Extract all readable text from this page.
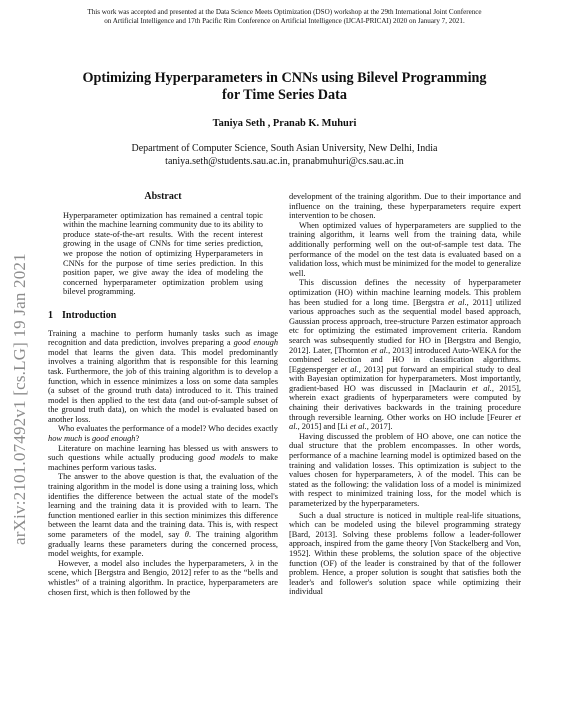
This work was accepted and presented at the Data Science Meets Optimization (DSO) workshop at the 29th International Joint Conference
on Artificial Intelligence and 17th Pacific Rim Conference on Artificial Intelligence (IJCAI-PRICAI) 2020 on January 7, 2021.
arXiv:2101.07492v1 [cs.LG] 19 Jan 2021
Optimizing Hyperparameters in CNNs using Bilevel Programming
for Time Series Data
Taniya Seth , Pranab K. Muhuri
Department of Computer Science, South Asian University, New Delhi, India
taniya.seth@students.sau.ac.in, pranabmuhuri@cs.sau.ac.in
Abstract

Hyperparameter optimization has remained a central topic within the machine learning community due to its ability to produce state-of-the-art results. With the recent interest growing in the usage of CNNs for time series prediction, we propose the notion of optimizing Hyperparameters in CNNs for the purpose of time series prediction. In this position paper, we give away the idea of modeling the concerned hyperparameter optimization problem using bilevel programming.

1 Introduction

Training a machine to perform humanly tasks such as image recognition and data prediction, involves preparing a good enough model that learns the given data. This model predominantly involves a training algorithm that is responsible for this learning task. Furthermore, the job of this training algorithm is to develop a function, which in essence minimizes a loss on some data samples (a subset of the ground truth data) introduced to it. This trained model is then applied to the test data (and out-of-sample subset of the ground truth data), on which the model is evaluated based on another loss.

Who evaluates the performance of a model? Who decides exactly how much is good enough?

Literature on machine learning has blessed us with answers to such questions while actually producing good models to make machines perform various tasks.

The answer to the above question is that, the evaluation of the training algorithm in the model is done using a training loss, which identifies the difference between the actual state of the model's learning and the training data it is provided with to learn. The function mentioned earlier in this section minimizes this difference between the learnt data and the training data. This is, with respect some parameters of the model, say θ. The training algorithm gradually learns these parameters during the concerned process, model weights, for example.

However, a model also includes the hyperparameters, λ in the scene, which [Bergstra and Bengio, 2012] refer to as the “bells and whistles” of a training algorithm. In practice, hyperparameters are chosen first, which is then followed by the

development of the training algorithm. Due to their importance and influence on the training, these hyperparameters require expert intervention to be chosen.

When optimized values of hyperparameters are supplied to the training algorithm, it learns well from the training data, while additionally performing well on the out-of-sample test data. The performance of the model on the test data is evaluated based on a validation loss, which must be minimized for the model to generalize well.

This discussion defines the necessity of hyperparameter optimization (HO) within machine learning models. This problem has been studied for a long time. [Bergstra et al., 2011] utilized various approaches such as the sequential model based approach, Gaussian process approach, tree-structure Parzen estimator approach etc for optimizing the estimated improvement criteria. Random search was subsequently studied for HO in [Bergstra and Bengio, 2012]. Later, [Thornton et al., 2013] introduced Auto-WEKA for the combined selection and HO in classification algorithms. [Eggensperger et al., 2013] put forward an empirical study to deal with Bayesian optimization for hyperparameters. Most importantly, gradient-based HO was discussed in [Maclaurin et al., 2015], wherein exact gradients of hyperparameters were computed by chaining their derivatives backwards in the training procedure through reversible learning. Other works on HO include [Feurer et al., 2015] and [Li et al., 2017].

Having discussed the problem of HO above, one can notice the dual structure that the problem encompasses. In other words, performance of a machine learning model is optimized based on the training and validation losses. This optimization is subject to the values chosen for hyperparameters, λ of the model. This can be stated as the following: the validation loss of a model is minimized with respect to minimized training loss, for the model which is parameterized by the hyperparameters.

Such a dual structure is noticed in multiple real-life situations, which can be modeled using the bilevel programming strategy [Bard, 2013]. Solving these problems follow a leader-follower approach, inspired from the game theory [Von Stackelberg and Von, 1952]. Within these problems, the solution space of the objective function (OF) of the leader is constrained by that of the follower problem. Hence, a proper solution is sought that satisfies both the leader's and follower's solution space while optimizing their individual
